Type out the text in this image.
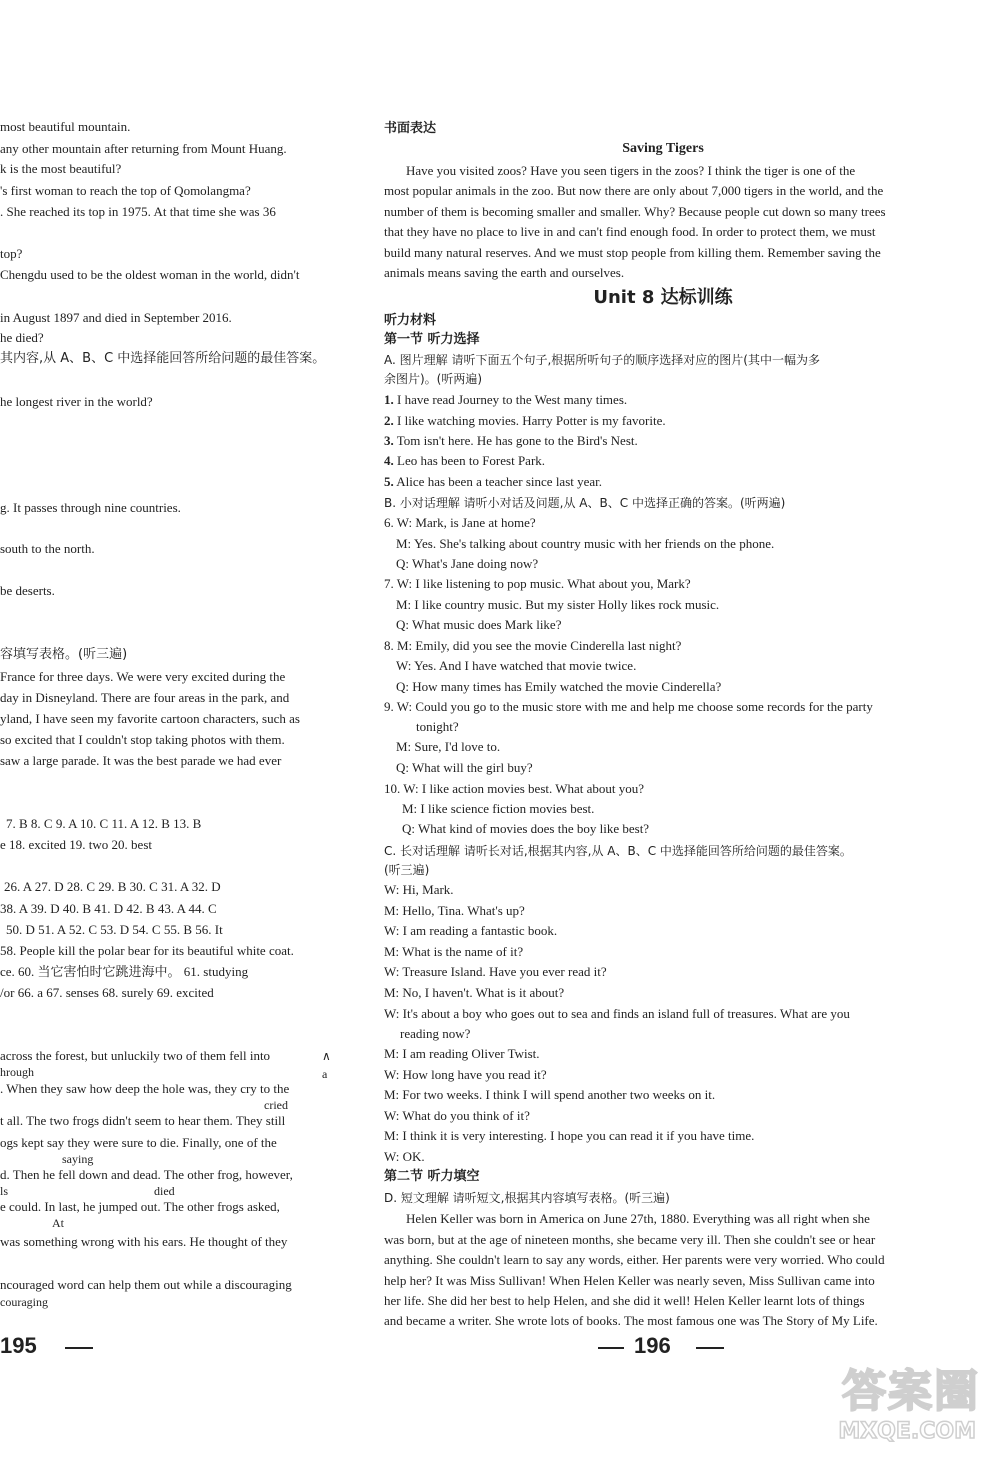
most beautiful mountain.
any other mountain after returning from Mount Huang.
k is the most beautiful?
's first woman to reach the top of Qomolangma?
. She reached its top in 1975. At that time she was 36
top?
Chengdu used to be the oldest woman in the world, didn't
in August 1897 and died in September 2016.
he died?
其内容,从 A、B、C 中选择能回答所给问题的最佳答案。
he longest river in the world?
g. It passes through nine countries.
south to the north.
be deserts.
容填写表格。(听三遍)
France for three days. We were very excited during the
day in Disneyland. There are four areas in the park, and
yland, I have seen my favorite cartoon characters, such as
so excited that I couldn't stop taking photos with them.
saw a large parade. It was the best parade we had ever
7. B 8. C 9. A 10. C 11. A 12. B 13. B
e 18. excited 19. two 20. best
26. A 27. D 28. C 29. B 30. C 31. A 32. D
38. A 39. D 40. B 41. D 42. B 43. A 44. C
50. D 51. A 52. C 53. D 54. C 55. B 56. It
58. People kill the polar bear for its beautiful white coat.
ce. 60. 当它害怕时它跳进海中。 61. studying
/or 66. a 67. senses 68. surely 69. excited
across the forest, but unluckily two of them fell into	∧
a
hrough
. When they saw how deep the hole was, they cry to the
cried
t all. The two frogs didn't seem to hear them. They still
ogs kept say they were sure to die. Finally, one of the
saying
d. Then he fell down and dead. The other frog, however,
ls	died
e could. In last, he jumped out. The other frogs asked,
At
was something wrong with his ears. He thought of they
ncouraged word can help them out while a discouraging
couraging
195
书面表达
Saving Tigers
Have you visited zoos? Have you seen tigers in the zoos? I think the tiger is one of the
most popular animals in the zoo. But now there are only about 7,000 tigers in the world, and the
number of them is becoming smaller and smaller. Why? Because people cut down so many trees
that they have no place to live in and can't find enough food. In order to protect them, we must
build many natural reserves. And we must stop people from killing them. Remember saving the
animals means saving the earth and ourselves.
Unit 8 达标训练
听力材料
第一节 听力选择
A. 图片理解 请听下面五个句子,根据所听句子的顺序选择对应的图片(其中一幅为多
余图片)。(听两遍)
1. I have read Journey to the West many times.
2. I like watching movies. Harry Potter is my favorite.
3. Tom isn't here. He has gone to the Bird's Nest.
4. Leo has been to Forest Park.
5. Alice has been a teacher since last year.
B. 小对话理解 请听小对话及问题,从 A、B、C 中选择正确的答案。(听两遍)
6. W: Mark, is Jane at home?
M: Yes. She's talking about country music with her friends on the phone.
Q: What's Jane doing now?
7. W: I like listening to pop music. What about you, Mark?
M: I like country music. But my sister Holly likes rock music.
Q: What music does Mark like?
8. M: Emily, did you see the movie Cinderella last night?
W: Yes. And I have watched that movie twice.
Q: How many times has Emily watched the movie Cinderella?
9. W: Could you go to the music store with me and help me choose some records for the party
tonight?
M: Sure, I'd love to.
Q: What will the girl buy?
10. W: I like action movies best. What about you?
M: I like science fiction movies best.
Q: What kind of movies does the boy like best?
C. 长对话理解 请听长对话,根据其内容,从 A、B、C 中选择能回答所给问题的最佳答案。
(听三遍)
W: Hi, Mark.
M: Hello, Tina. What's up?
W: I am reading a fantastic book.
M: What is the name of it?
W: Treasure Island. Have you ever read it?
M: No, I haven't. What is it about?
W: It's about a boy who goes out to sea and finds an island full of treasures. What are you
reading now?
M: I am reading Oliver Twist.
W: How long have you read it?
M: For two weeks. I think I will spend another two weeks on it.
W: What do you think of it?
M: I think it is very interesting. I hope you can read it if you have time.
W: OK.
第二节 听力填空
D. 短文理解 请听短文,根据其内容填写表格。(听三遍)
Helen Keller was born in America on June 27th, 1880. Everything was all right when she
was born, but at the age of nineteen months, she became very ill. Then she couldn't see or hear
anything. She couldn't learn to say any words, either. Her parents were very worried. Who could
help her? It was Miss Sullivan! When Helen Keller was nearly seven, Miss Sullivan came into
her life. She did her best to help Helen, and she did it well! Helen Keller learnt lots of things
and became a writer. She wrote lots of books. The most famous one was The Story of My Life.
196
答案圈
MXQE.COM
